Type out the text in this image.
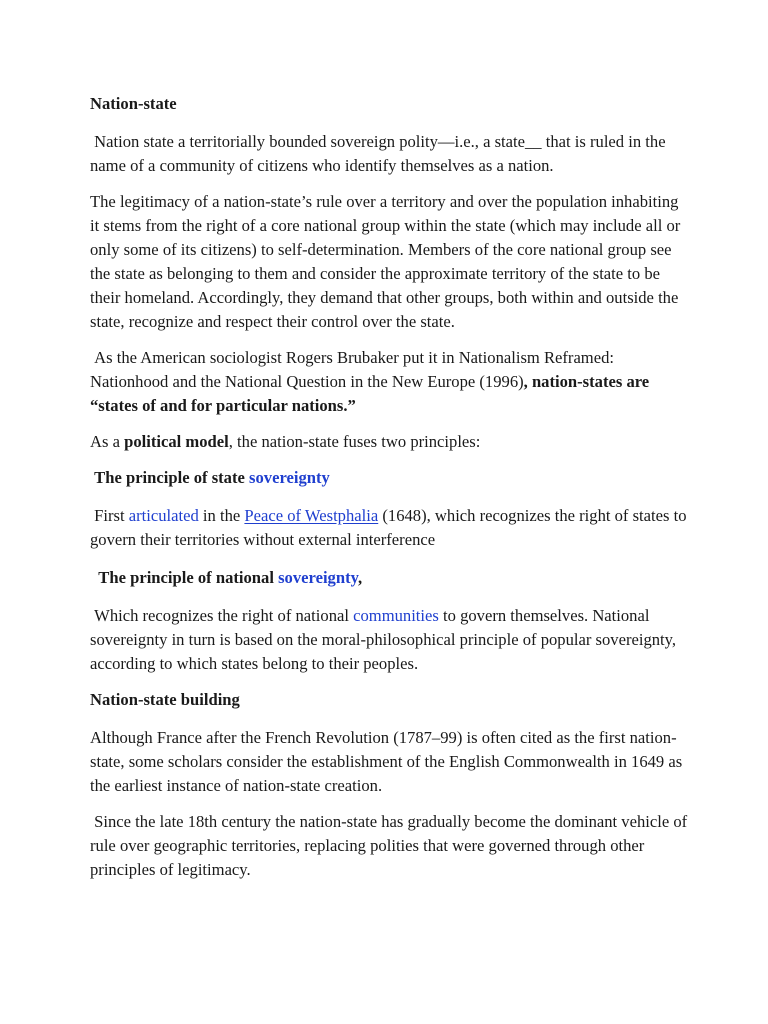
Nation-state

Nation state a territorially bounded sovereign polity—i.e., a state__ that is ruled in the name of a community of citizens who identify themselves as a nation.

The legitimacy of a nation-state’s rule over a territory and over the population inhabiting it stems from the right of a core national group within the state (which may include all or only some of its citizens) to self-determination. Members of the core national group see the state as belonging to them and consider the approximate territory of the state to be their homeland. Accordingly, they demand that other groups, both within and outside the state, recognize and respect their control over the state.

As the American sociologist Rogers Brubaker put it in Nationalism Reframed: Nationhood and the National Question in the New Europe (1996), nation-states are “states of and for particular nations.”

As a political model, the nation-state fuses two principles:

The principle of state sovereignty

First articulated in the Peace of Westphalia (1648), which recognizes the right of states to govern their territories without external interference

The principle of national sovereignty,

Which recognizes the right of national communities to govern themselves. National sovereignty in turn is based on the moral-philosophical principle of popular sovereignty, according to which states belong to their peoples.

Nation-state building

Although France after the French Revolution (1787–99) is often cited as the first nation-state, some scholars consider the establishment of the English Commonwealth in 1649 as the earliest instance of nation-state creation.

Since the late 18th century the nation-state has gradually become the dominant vehicle of rule over geographic territories, replacing polities that were governed through other principles of legitimacy.
